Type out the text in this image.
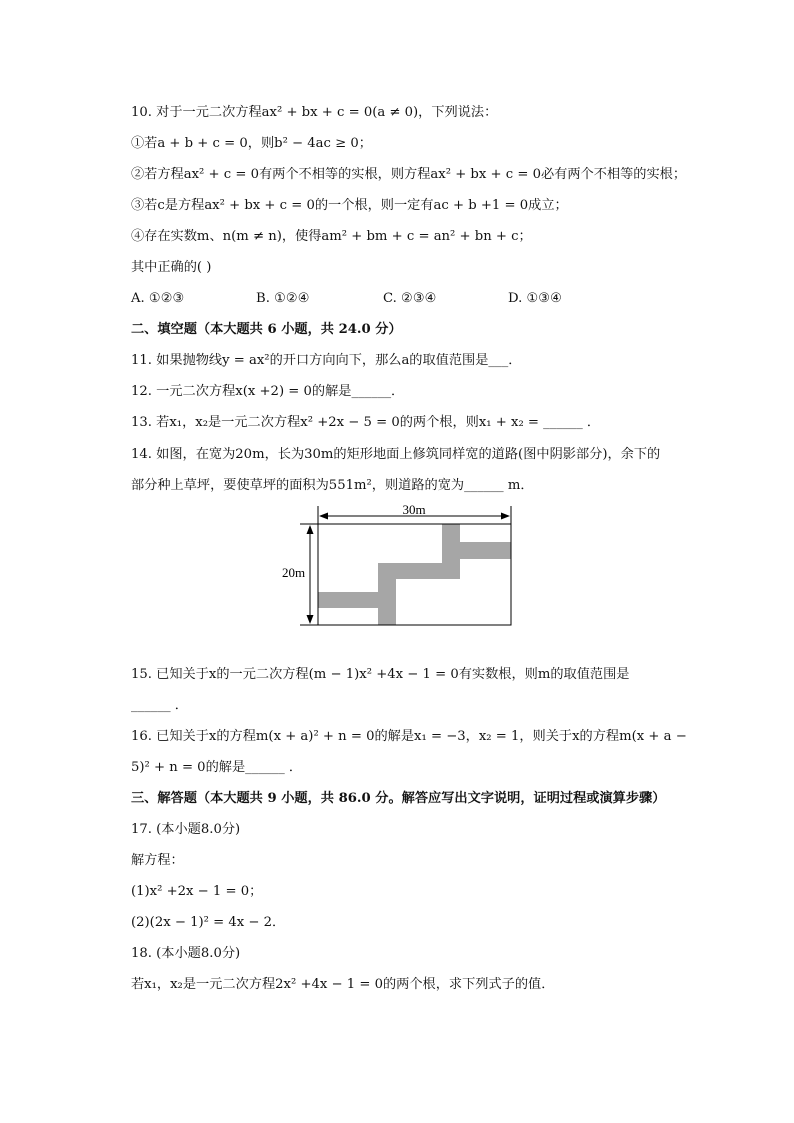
10. 对于一元二次方程ax² + bx + c = 0(a ≠ 0)，下列说法：
①若a + b + c = 0，则b² − 4ac ≥ 0；
②若方程ax² + c = 0有两个不相等的实根，则方程ax² + bx + c = 0必有两个不相等的实根；
③若c是方程ax² + bx + c = 0的一个根，则一定有ac + b +1 = 0成立；
④存在实数m、n(m ≠ n)，使得am² + bm + c = an² + bn + c；
其中正确的( )
A. ①②③	B. ①②④	C. ②③④	D. ①③④
二、填空题（本大题共 6 小题，共 24.0 分）
11. 如果抛物线y = ax²的开口方向向下，那么a的取值范围是___．
12. 一元二次方程x(x +2) = 0的解是______．
13. 若x₁，x₂是一元二次方程x² +2x − 5 = 0的两个根，则x₁ + x₂ = ______ ．
14. 如图，在宽为20m，长为30m的矩形地面上修筑同样宽的道路(图中阴影部分)，余下的
部分种上草坪，要使草坪的面积为551m²，则道路的宽为______ m．
30m
20m
15. 已知关于x的一元二次方程(m − 1)x² +4x − 1 = 0有实数根，则m的取值范围是
______ ．
16. 已知关于x的方程m(x + a)² + n = 0的解是x₁ = −3，x₂ = 1，则关于x的方程m(x + a −
5)² + n = 0的解是______ ．
三、解答题（本大题共 9 小题，共 86.0 分。解答应写出文字说明，证明过程或演算步骤）
17. (本小题8.0分)
解方程：
(1)x² +2x − 1 = 0；
(2)(2x − 1)² = 4x − 2．
18. (本小题8.0分)
若x₁，x₂是一元二次方程2x² +4x − 1 = 0的两个根，求下列式子的值．
